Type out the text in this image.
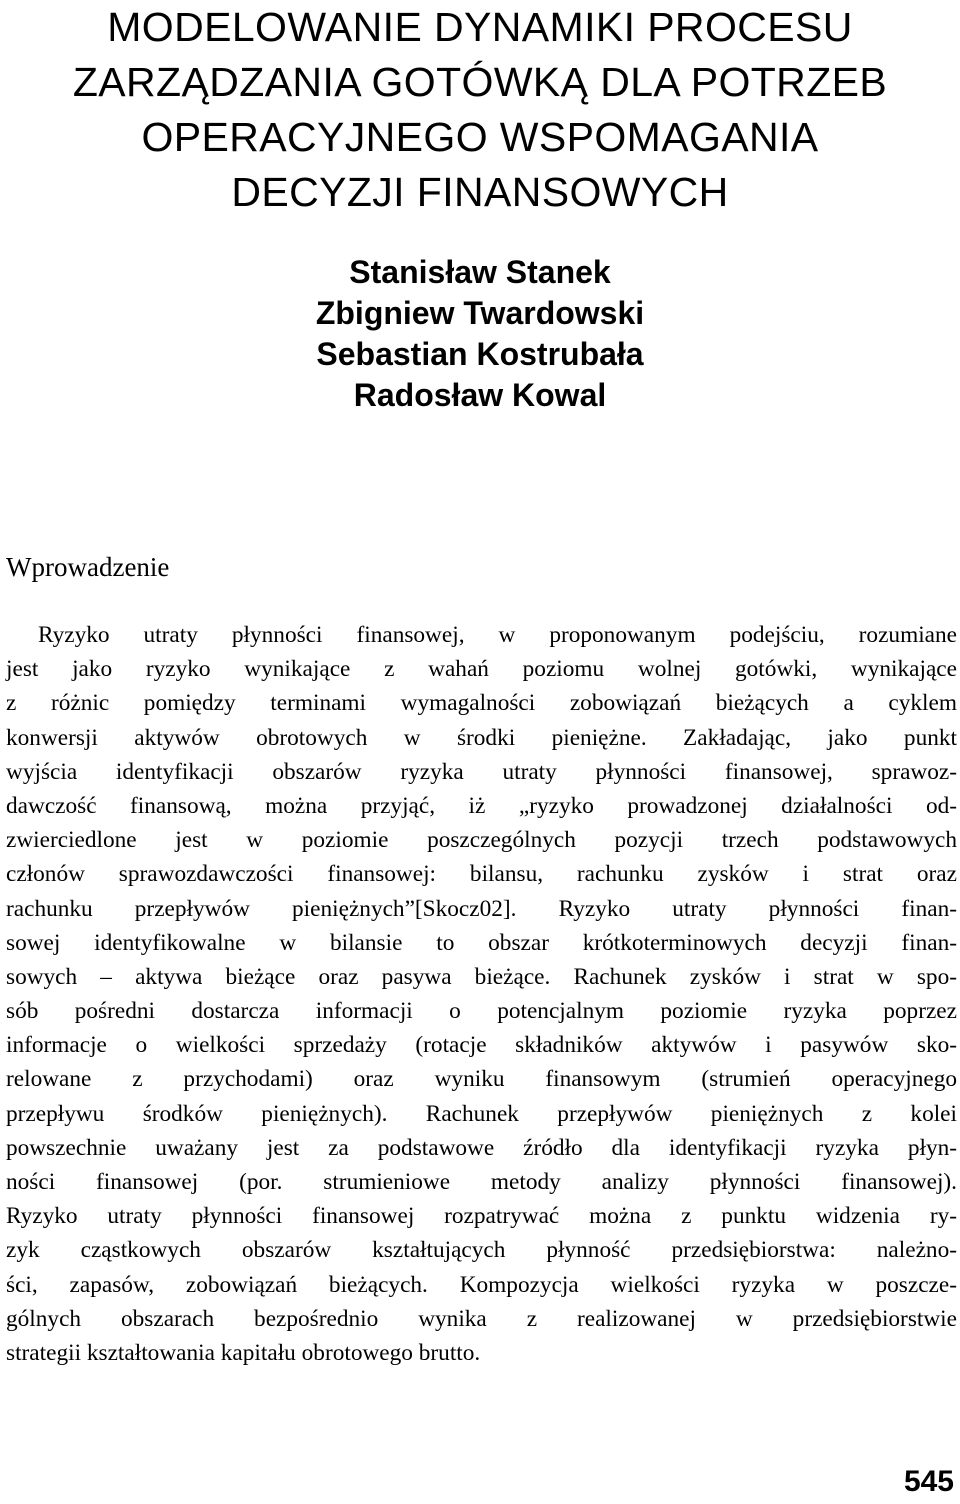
MODELOWANIE DYNAMIKI PROCESU
ZARZĄDZANIA GOTÓWKĄ DLA POTRZEB
OPERACYJNEGO WSPOMAGANIA
DECYZJI FINANSOWYCH
Stanisław Stanek
Zbigniew Twardowski
Sebastian Kostrubała
Radosław Kowal
Wprowadzenie
Ryzyko utraty płynności finansowej, w proponowanym podejściu, rozumiane
jest jako ryzyko wynikające z wahań poziomu wolnej gotówki, wynikające
z różnic pomiędzy terminami wymagalności zobowiązań bieżących a cyklem
konwersji aktywów obrotowych w środki pieniężne. Zakładając, jako punkt
wyjścia identyfikacji obszarów ryzyka utraty płynności finansowej, sprawoz-
dawczość finansową, można przyjąć, iż „ryzyko prowadzonej działalności od-
zwierciedlone jest w poziomie poszczególnych pozycji trzech podstawowych
członów sprawozdawczości finansowej: bilansu, rachunku zysków i strat oraz
rachunku przepływów pieniężnych”[Skocz02]. Ryzyko utraty płynności finan-
sowej identyfikowalne w bilansie to obszar krótkoterminowych decyzji finan-
sowych – aktywa bieżące oraz pasywa bieżące. Rachunek zysków i strat w spo-
sób pośredni dostarcza informacji o potencjalnym poziomie ryzyka poprzez
informacje o wielkości sprzedaży (rotacje składników aktywów i pasywów sko-
relowane z przychodami) oraz wyniku finansowym (strumień operacyjnego
przepływu środków pieniężnych). Rachunek przepływów pieniężnych z kolei
powszechnie uważany jest za podstawowe źródło dla identyfikacji ryzyka płyn-
ności finansowej (por. strumieniowe metody analizy płynności finansowej).
Ryzyko utraty płynności finansowej rozpatrywać można z punktu widzenia ry-
zyk cząstkowych obszarów kształtujących płynność przedsiębiorstwa: należno-
ści, zapasów, zobowiązań bieżących. Kompozycja wielkości ryzyka w poszcze-
gólnych obszarach bezpośrednio wynika z realizowanej w przedsiębiorstwie
strategii kształtowania kapitału obrotowego brutto.
545
